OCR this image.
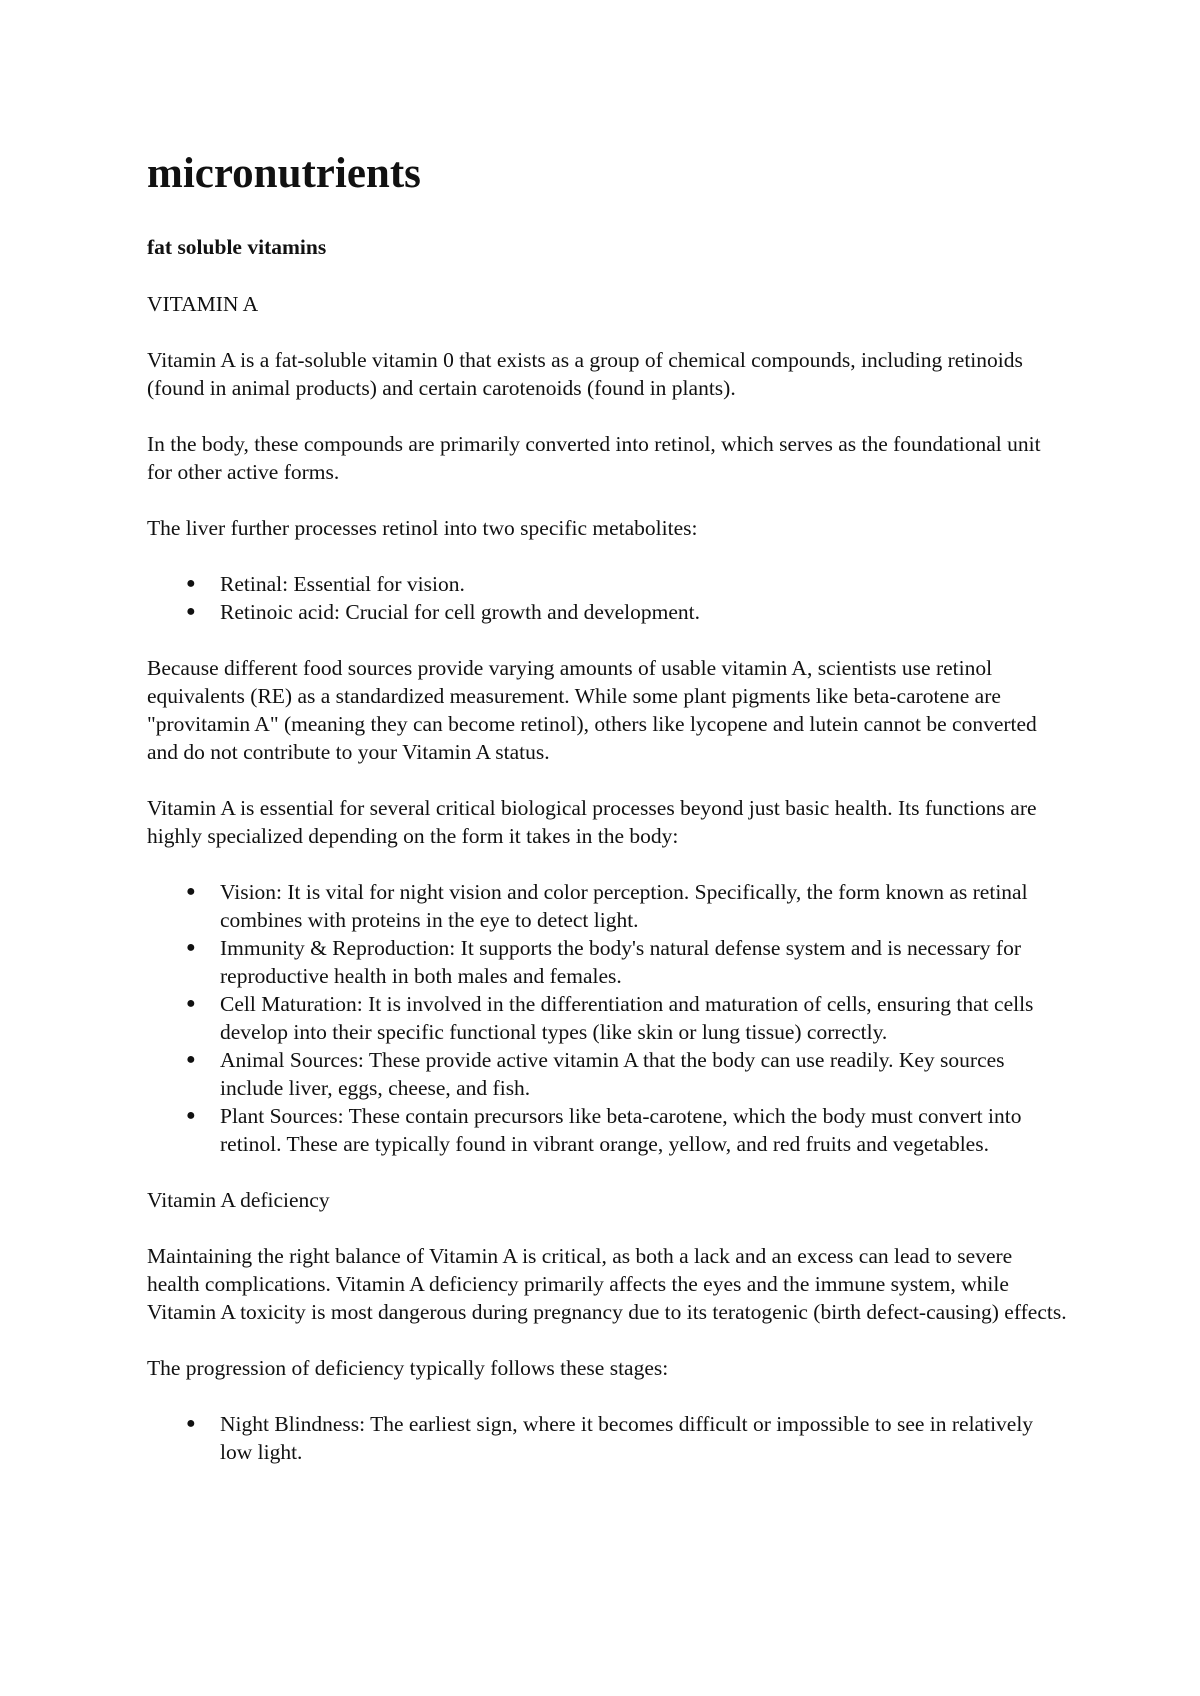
micronutrients
fat soluble vitamins

VITAMIN A

Vitamin A is a fat-soluble vitamin 0 that exists as a group of chemical compounds, including retinoids (found in animal products) and certain carotenoids (found in plants).

In the body, these compounds are primarily converted into retinol, which serves as the foundational unit for other active forms.

The liver further processes retinol into two specific metabolites:

● Retinal: Essential for vision.
● Retinoic acid: Crucial for cell growth and development.

Because different food sources provide varying amounts of usable vitamin A, scientists use retinol equivalents (RE) as a standardized measurement. While some plant pigments like beta-carotene are "provitamin A" (meaning they can become retinol), others like lycopene and lutein cannot be converted and do not contribute to your Vitamin A status.

Vitamin A is essential for several critical biological processes beyond just basic health. Its functions are highly specialized depending on the form it takes in the body:

● Vision: It is vital for night vision and color perception. Specifically, the form known as retinal combines with proteins in the eye to detect light.
● Immunity & Reproduction: It supports the body's natural defense system and is necessary for reproductive health in both males and females.
● Cell Maturation: It is involved in the differentiation and maturation of cells, ensuring that cells develop into their specific functional types (like skin or lung tissue) correctly.
● Animal Sources: These provide active vitamin A that the body can use readily. Key sources include liver, eggs, cheese, and fish.
● Plant Sources: These contain precursors like beta-carotene, which the body must convert into retinol. These are typically found in vibrant orange, yellow, and red fruits and vegetables.

Vitamin A deficiency

Maintaining the right balance of Vitamin A is critical, as both a lack and an excess can lead to severe health complications. Vitamin A deficiency primarily affects the eyes and the immune system, while Vitamin A toxicity is most dangerous during pregnancy due to its teratogenic (birth defect-causing) effects.

The progression of deficiency typically follows these stages:

● Night Blindness: The earliest sign, where it becomes difficult or impossible to see in relatively low light.
